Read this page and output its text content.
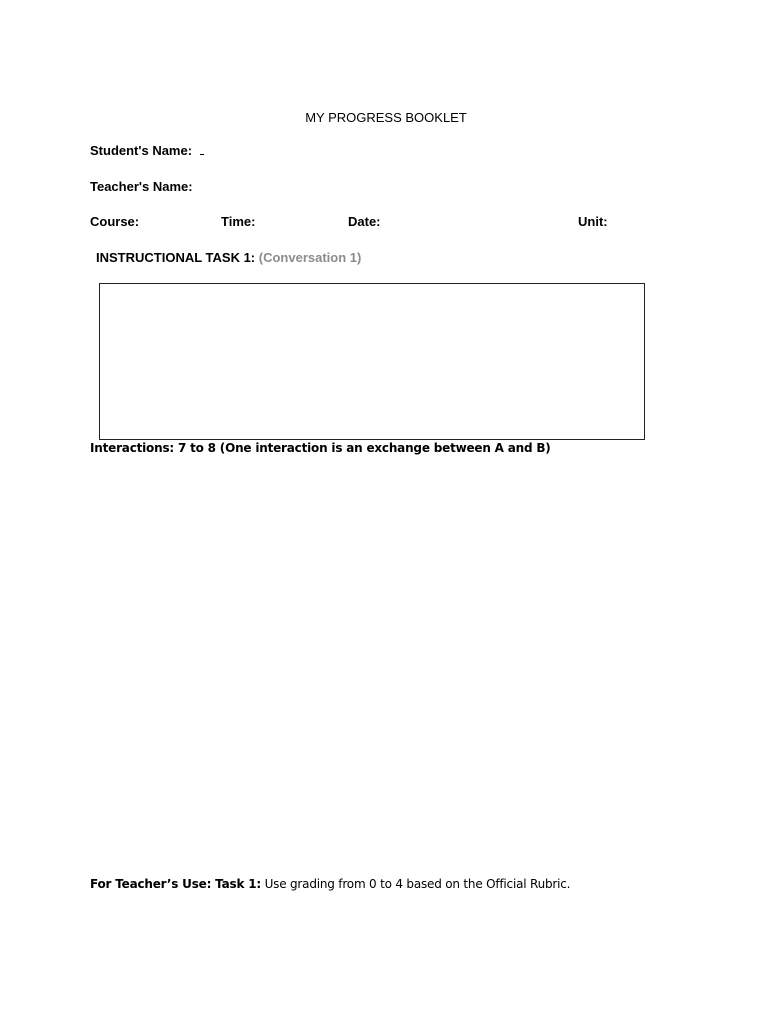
MY PROGRESS BOOKLET
Student's Name:
Teacher's Name:
Course:	Time:	Date:	Unit:
INSTRUCTIONAL TASK 1: (Conversation 1)
Interactions: 7 to 8 (One interaction is an exchange between A and B)
For Teacher’s Use: Task 1: Use grading from 0 to 4 based on the Official Rubric.
